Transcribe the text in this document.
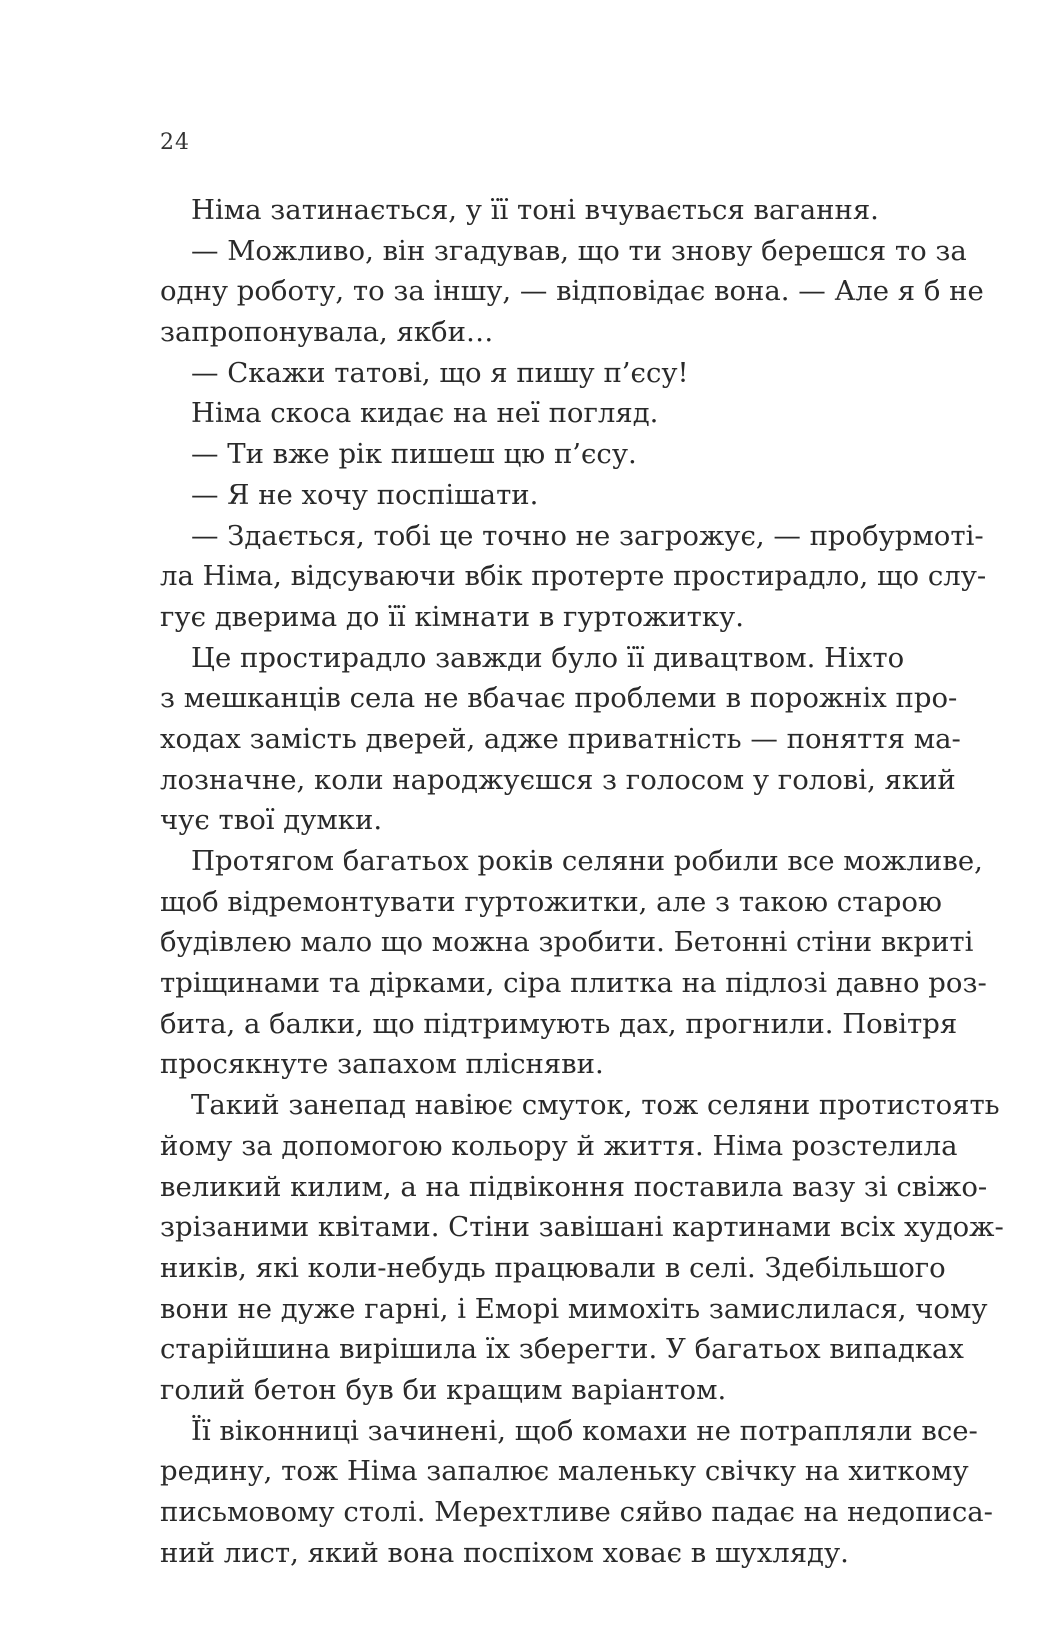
24
Німа затинається, у її тоні вчувається вагання.
— Можливо, він згадував, що ти знову берешся то за
одну роботу, то за іншу, — відповідає вона. — Але я б не
запропонувала, якби…
— Скажи татові, що я пишу п’єсу!
Німа скоса кидає на неї погляд.
— Ти вже рік пишеш цю п’єсу.
— Я не хочу поспішати.
— Здається, тобі це точно не загрожує, — пробурмоті-
ла Німа, відсуваючи вбік протерте простирадло, що слу-
гує дверима до її кімнати в гуртожитку.
Це простирадло завжди було її дивацтвом. Ніхто
з мешканців села не вбачає проблеми в порожніх про-
ходах замість дверей, адже приватність — поняття ма-
лозначне, коли народжуєшся з голосом у голові, який
чує твої думки.
Протягом багатьох років селяни робили все можливе,
щоб відремонтувати гуртожитки, але з такою старою
будівлею мало що можна зробити. Бетонні стіни вкриті
тріщинами та дірками, сіра плитка на підлозі давно роз-
бита, а балки, що підтримують дах, прогнили. Повітря
просякнуте запахом плісняви.
Такий занепад навіює смуток, тож селяни протистоять
йому за допомогою кольору й життя. Німа розстелила
великий килим, а на підвіконня поставила вазу зі свіжо-
зрізаними квітами. Стіни завішані картинами всіх худож-
ників, які коли-небудь працювали в селі. Здебільшого
вони не дуже гарні, і Еморі мимохіть замислилася, чому
старійшина вирішила їх зберегти. У багатьох випадках
голий бетон був би кращим варіантом.
Її віконниці зачинені, щоб комахи не потрапляли все-
редину, тож Німа запалює маленьку свічку на хиткому
письмовому столі. Мерехтливе сяйво падає на недописа-
ний лист, який вона поспіхом ховає в шухляду.
